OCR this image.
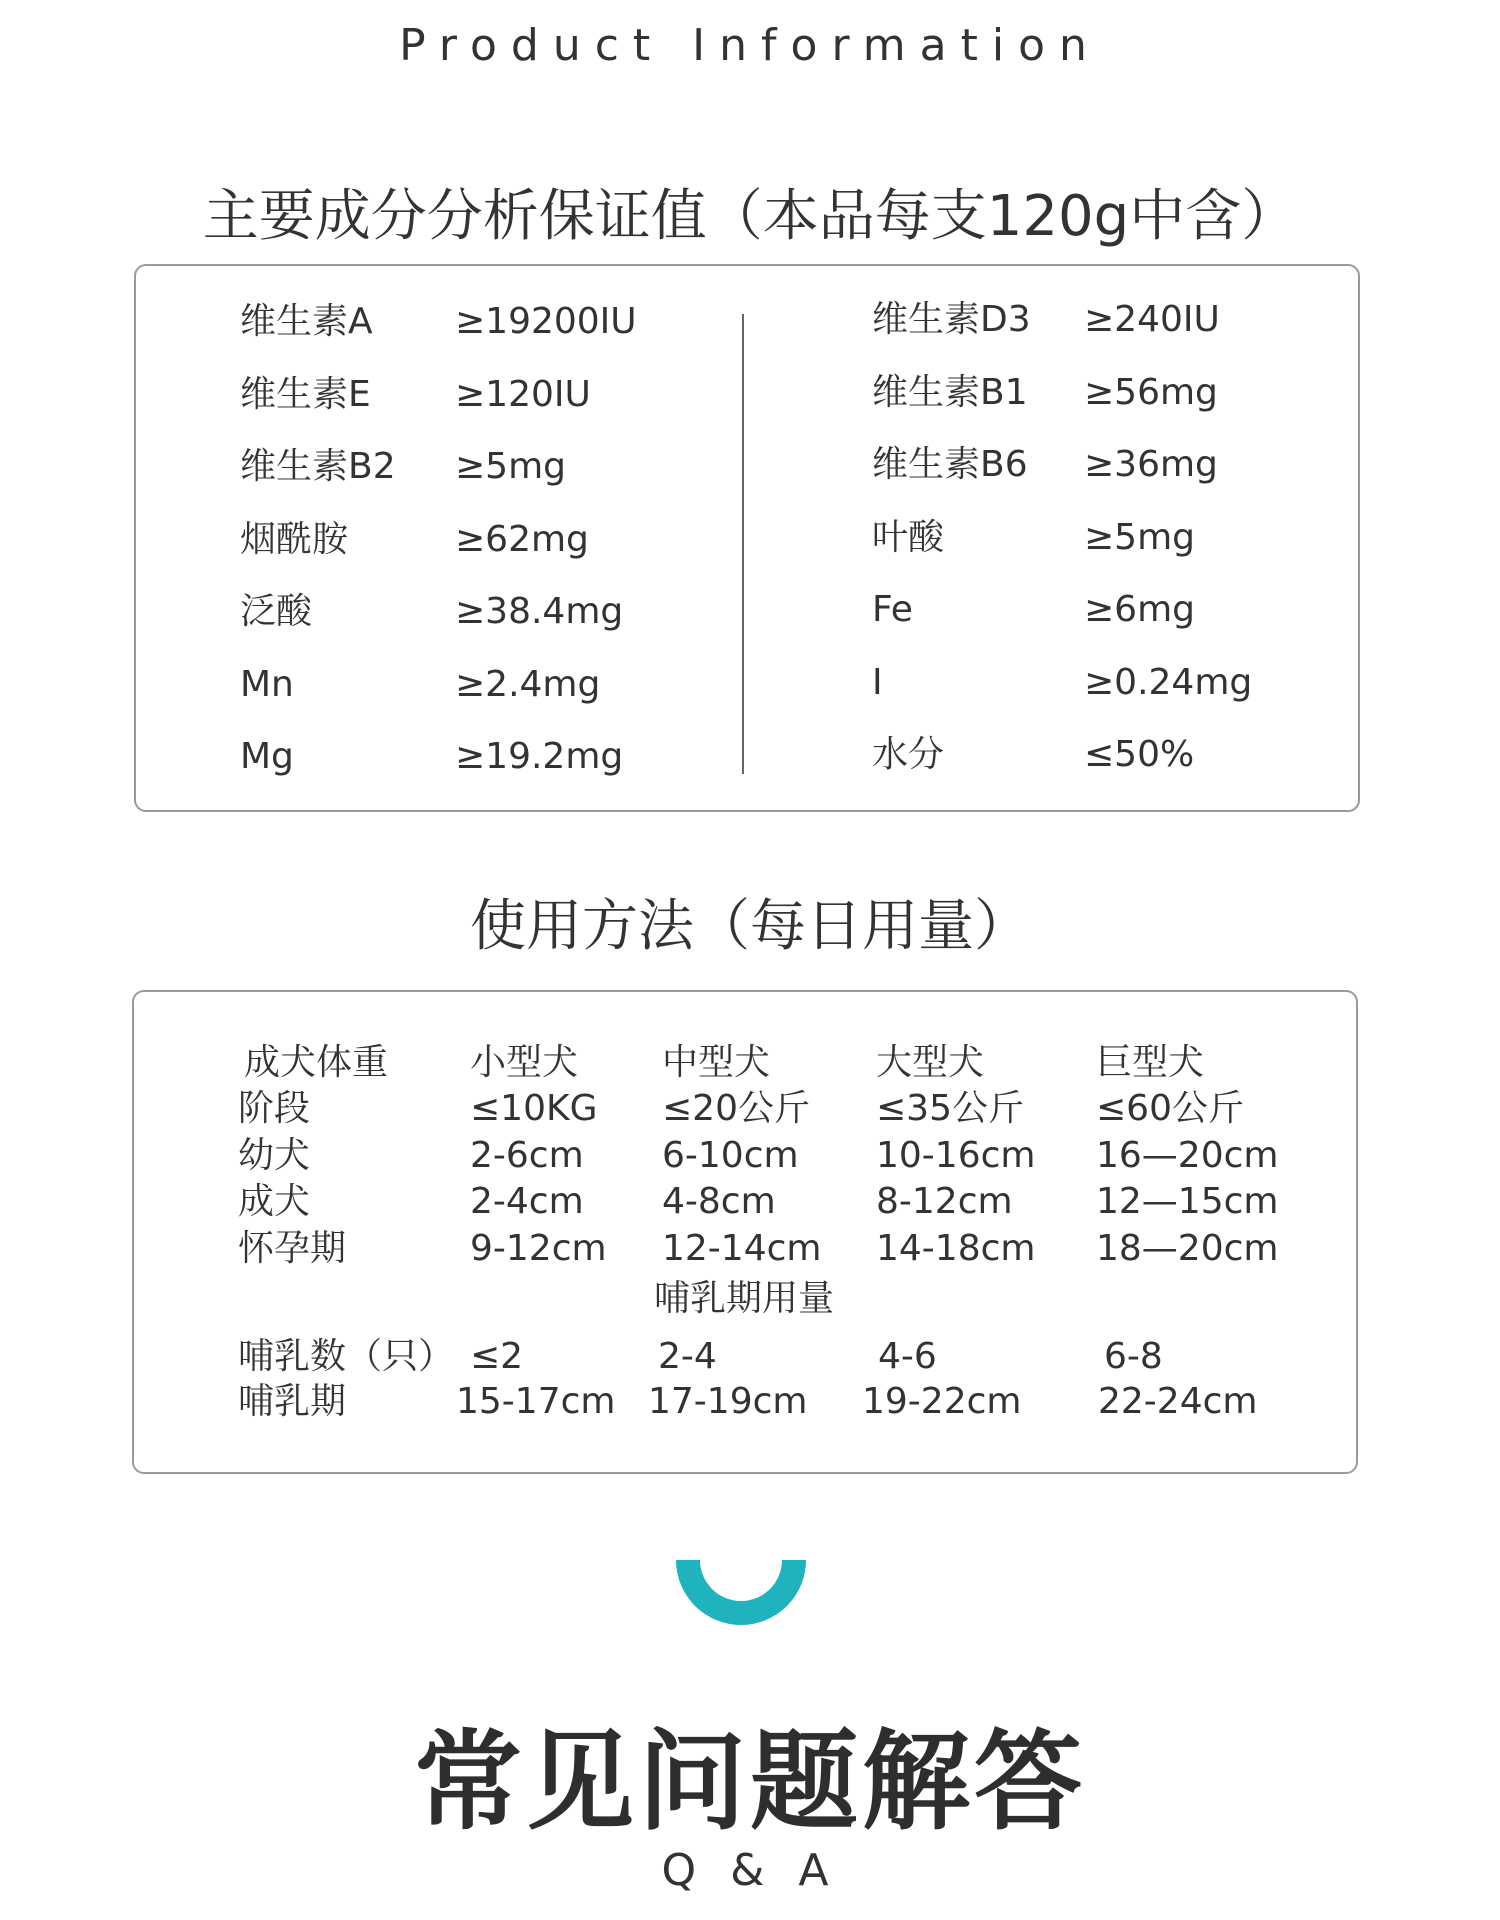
Product Information
主要成分分析保证值（本品每支120g中含）
维生素A ≥19200IU
维生素E ≥120IU
维生素B2 ≥5mg
烟酰胺	≥62mg
泛酸	≥38.4mg
Mn	≥2.4mg
Mg	≥19.2mg
维生素D3 ≥240IU
维生素B1 ≥56mg
维生素B6 ≥36mg
叶酸	≥5mg
Fe	≥6mg
I	≥0.24mg
水分	≤50%
使用方法（每日用量）
成犬体重 小型犬 中型犬	大型犬	巨型犬
阶段	≤10KG ≤20公斤 ≤35公斤 ≤60公斤
幼犬	2-6cm 6-10cm 10-16cm 16—20cm
成犬	2-4cm 4-8cm	8-12cm 12—15cm
怀孕期	9-12cm 12-14cm 14-18cm 18—20cm
哺乳期用量
哺乳数（只） ≤2	2-4	4-6	6-8
哺乳期	15-17cm 17-19cm 19-22cm 22-24cm
常见问题解答
Q & A
